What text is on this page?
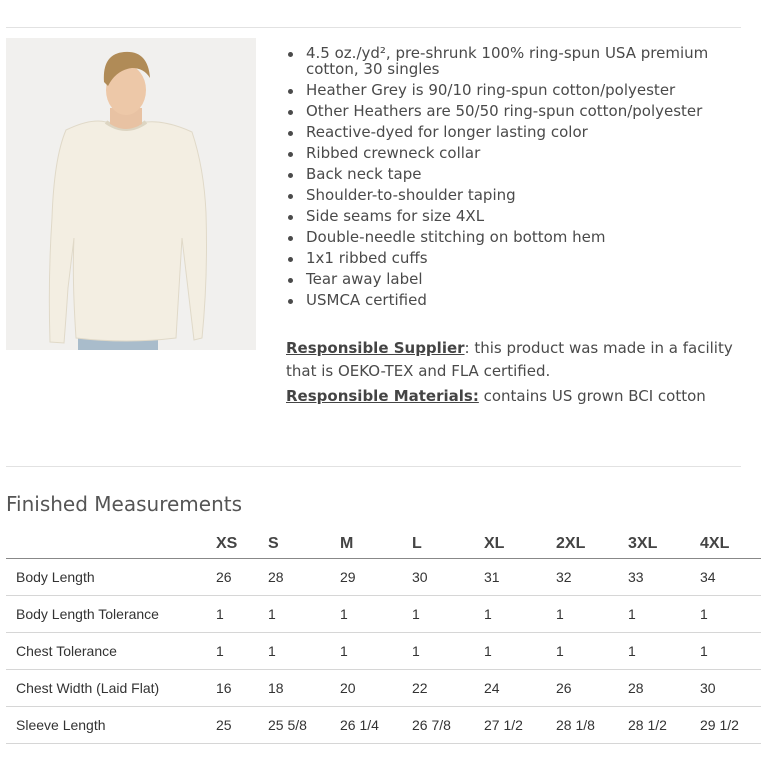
4.5 oz./yd², pre-shrunk 100% ring-spun USA premium cotton, 30 singles
Heather Grey is 90/10 ring-spun cotton/polyester
Other Heathers are 50/50 ring-spun cotton/polyester
Reactive-dyed for longer lasting color
Ribbed crewneck collar
Back neck tape
Shoulder-to-shoulder taping
Side seams for size 4XL
Double-needle stitching on bottom hem
1x1 ribbed cuffs
Tear away label
USMCA certified
Responsible Supplier: this product was made in a facility that is OEKO-TEX and FLA certified.
Responsible Materials: contains US grown BCI cotton
Finished Measurements
	XS	S	M	L	XL	2XL	3XL	4XL
Body Length	26	28	29	30	31	32	33	34
Body Length Tolerance	1	1	1	1	1	1	1	1
Chest Tolerance	1	1	1	1	1	1	1	1
Chest Width (Laid Flat)	16	18	20	22	24	26	28	30
Sleeve Length	25	25 5/8	26 1/4	26 7/8	27 1/2	28 1/8	28 1/2	29 1/2
